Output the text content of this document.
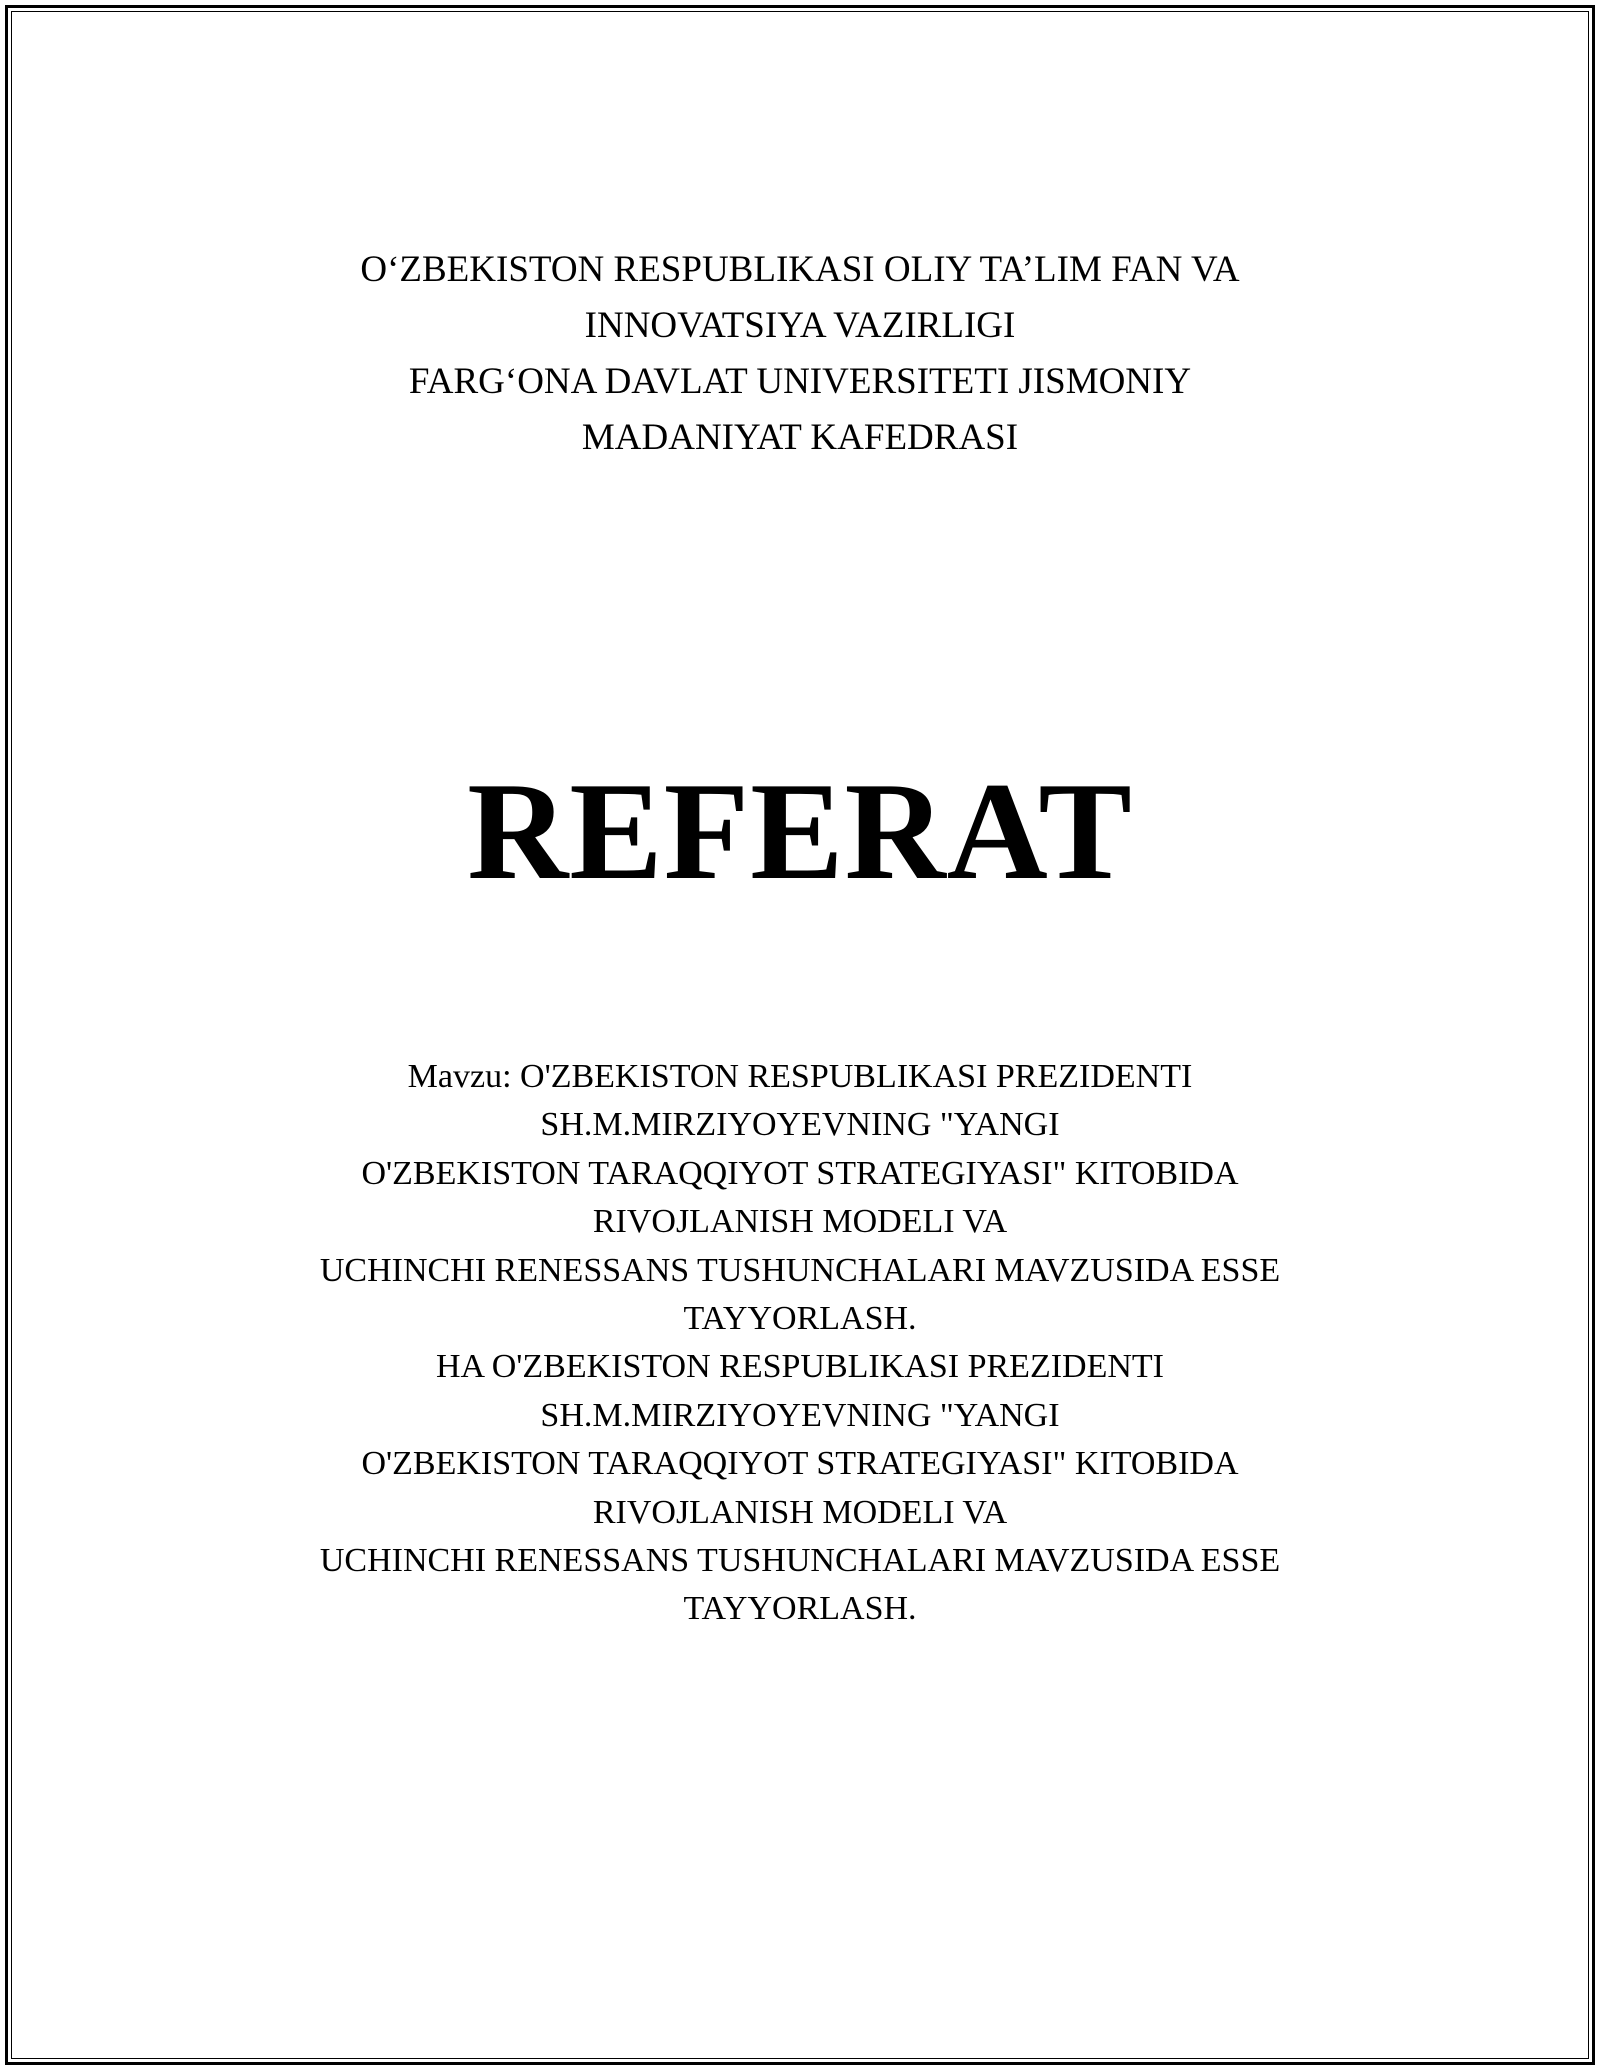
O‘ZBEKISTON RESPUBLIKASI OLIY TA’LIM FAN VA
INNOVATSIYA VAZIRLIGI
FARG‘ONA DAVLAT UNIVERSITETI JISMONIY
MADANIYAT KAFEDRASI
REFERAT
Mavzu: O'ZBEKISTON RESPUBLIKASI PREZIDENTI
SH.M.MIRZIYOYEVNING "YANGI
O'ZBEKISTON TARAQQIYOT STRATEGIYASI" KITOBIDA
RIVOJLANISH MODELI VA
UCHINCHI RENESSANS TUSHUNCHALARI MAVZUSIDA ESSE
TAYYORLASH.
HA O'ZBEKISTON RESPUBLIKASI PREZIDENTI
SH.M.MIRZIYOYEVNING "YANGI
O'ZBEKISTON TARAQQIYOT STRATEGIYASI" KITOBIDA
RIVOJLANISH MODELI VA
UCHINCHI RENESSANS TUSHUNCHALARI MAVZUSIDA ESSE
TAYYORLASH.
